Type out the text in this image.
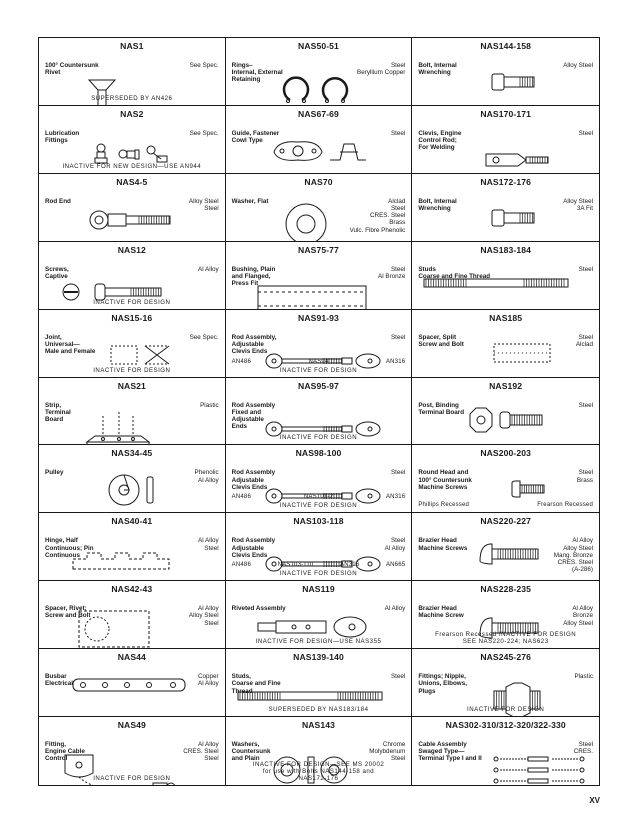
NAS1
100° Countersunk
Rivet
See Spec.
SUPERSEDED BY AN426
NAS50-51
Rings–
Internal, External
Retaining
Steel
Beryllium Copper
NAS144-158
Bolt, Internal
Wrenching
Alloy Steel
NAS2
Lubrication
Fittings
See Spec.
INACTIVE FOR NEW DESIGN—USE AN944
NAS67-69
Guide, Fastener
Cowl Type
Steel
NAS170-171
Clevis, Engine
Control Rod;
For Welding
Steel
NAS4-5
Rod End	Alloy Steel
Steel
NAS70
Washer, Flat	Alclad
Steel
CRES. Steel
Brass
Vulc. Fibre Phenolic
NAS172-176
Bolt, Internal
Wrenching
Alloy Steel
3A Fit
NAS12
Screws,
Captive
Al Alloy
INACTIVE FOR DESIGN
NAS75-77
Bushing, Plain
and Flanged,
Press Fit
Steel
Al Bronze
NAS183-184
Studs
Coarse and Fine Thread
Steel
NAS15-16
Joint,
Universal—
Male and Female
See Spec.
INACTIVE FOR DESIGN
NAS91-93
Rod Assembly,
Adjustable
Clevis Ends
Steel
AN486	NAS94	AN316
INACTIVE FOR DESIGN
NAS185
Spacer, Split
Screw and Bolt
Steel
Alclad
NAS21
Strip,
Terminal
Board
Plastic
NAS95-97
Rod Assembly
Fixed and
Adjustable
Ends
INACTIVE FOR DESIGN
NAS192
Post, Binding
Terminal Board
Steel
NAS34-45
Pulley	Phenolic
Al Alloy
NAS98-100
Rod Assembly
Adjustable
Clevis Ends
Steel
AN486	NAS101-2	AN316
INACTIVE FOR DESIGN
NAS200-203
Round Head and
100° Countersunk
Machine Screws
Steel
Brass
Phillips Recessed	Frearson Recessed
NAS40-41
Hinge, Half
Continuous; Pin
Continuous
Al Alloy
Steel
NAS103-118
Rod Assembly
Adjustable
Clevis Ends
Steel
Al Alloy
AN486	NAS103-110	AN316	AN665
INACTIVE FOR DESIGN
NAS220-227
Brazier Head
Machine Screws
Al Alloy
Alloy Steel
Mang. Bronze
CRES. Steel
(A-286)
NAS42-43
Spacer, Rivet;
Screw and Bolt
Al Alloy
Alloy Steel
Steel
NAS119
Riveted Assembly	Al Alloy
INACTIVE FOR DESIGN—USE NAS355
NAS228-235
Brazier Head
Machine Screw
Al Alloy
Bronze
Alloy Steel
Frearson Recessed INACTIVE FOR DESIGN
SEE NAS220-224; NAS623
NAS44
Busbar
Electrical
Copper
Al Alloy
NAS139-140
Studs,
Coarse and Fine
Thread
Steel
SUPERSEDED BY NAS183/184
NAS245-276
Fittings; Nipple,
Unions, Elbows,
Plugs
Plastic
INACTIVE FOR DESIGN
NAS49
Fitting,
Engine Cable
Control
Al Alloy
CRES. Steel
Steel
INACTIVE FOR DESIGN
NAS143
Washers,
Countersunk
and Plain
Chrome
Molybdenum
Steel
INACTIVE FOR DESIGN—SEE MS 20002
for use with Bolts NAS144-158 and
NAS172-176
NAS302-310/312-320/322-330
Cable Assembly
Swaged Type—
Terminal Type I and II
Steel
CRES.
XV
